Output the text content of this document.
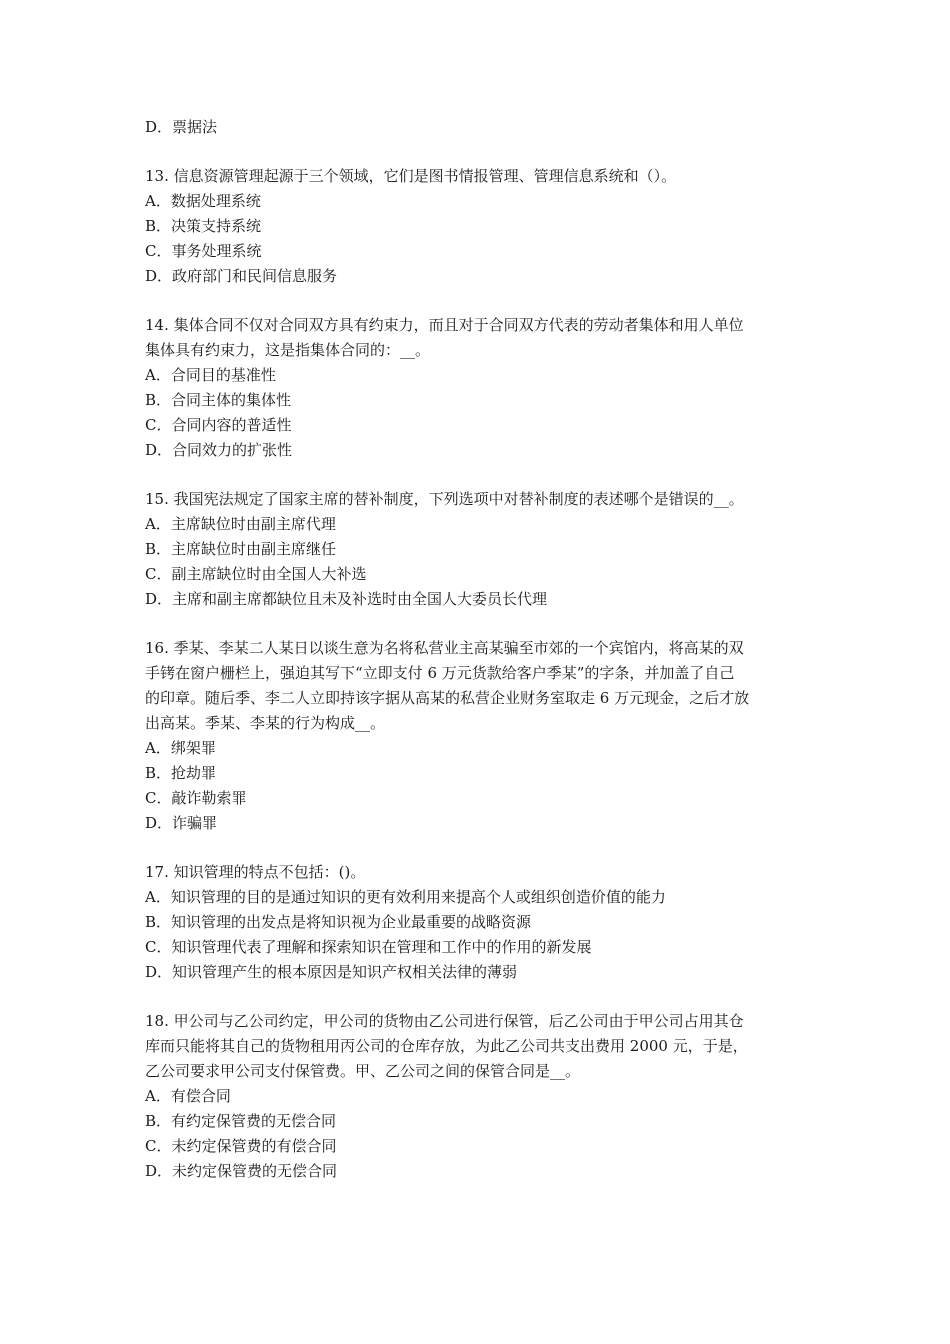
D．票据法
13. 信息资源管理起源于三个领域，它们是图书情报管理、管理信息系统和（）。
A．数据处理系统
B．决策支持系统
C．事务处理系统
D．政府部门和民间信息服务
14. 集体合同不仅对合同双方具有约束力，而且对于合同双方代表的劳动者集体和用人单位
集体具有约束力，这是指集体合同的：__。
A．合同目的基准性
B．合同主体的集体性
C．合同内容的普适性
D．合同效力的扩张性
15. 我国宪法规定了国家主席的替补制度，下列选项中对替补制度的表述哪个是错误的__。
A．主席缺位时由副主席代理
B．主席缺位时由副主席继任
C．副主席缺位时由全国人大补选
D．主席和副主席都缺位且未及补选时由全国人大委员长代理
16. 季某、李某二人某日以谈生意为名将私营业主高某骗至市郊的一个宾馆内，将高某的双
手铐在窗户栅栏上，强迫其写下“立即支付 6 万元货款给客户季某”的字条，并加盖了自己
的印章。随后季、李二人立即持该字据从高某的私营企业财务室取走 6 万元现金，之后才放
出高某。季某、李某的行为构成__。
A．绑架罪
B．抢劫罪
C．敲诈勒索罪
D．诈骗罪
17. 知识管理的特点不包括：()。
A．知识管理的目的是通过知识的更有效利用来提高个人或组织创造价值的能力
B．知识管理的出发点是将知识视为企业最重要的战略资源
C．知识管理代表了理解和探索知识在管理和工作中的作用的新发展
D．知识管理产生的根本原因是知识产权相关法律的薄弱
18. 甲公司与乙公司约定，甲公司的货物由乙公司进行保管，后乙公司由于甲公司占用其仓
库而只能将其自己的货物租用丙公司的仓库存放，为此乙公司共支出费用 2000 元，于是，
乙公司要求甲公司支付保管费。甲、乙公司之间的保管合同是__。
A．有偿合同
B．有约定保管费的无偿合同
C．未约定保管费的有偿合同
D．未约定保管费的无偿合同
